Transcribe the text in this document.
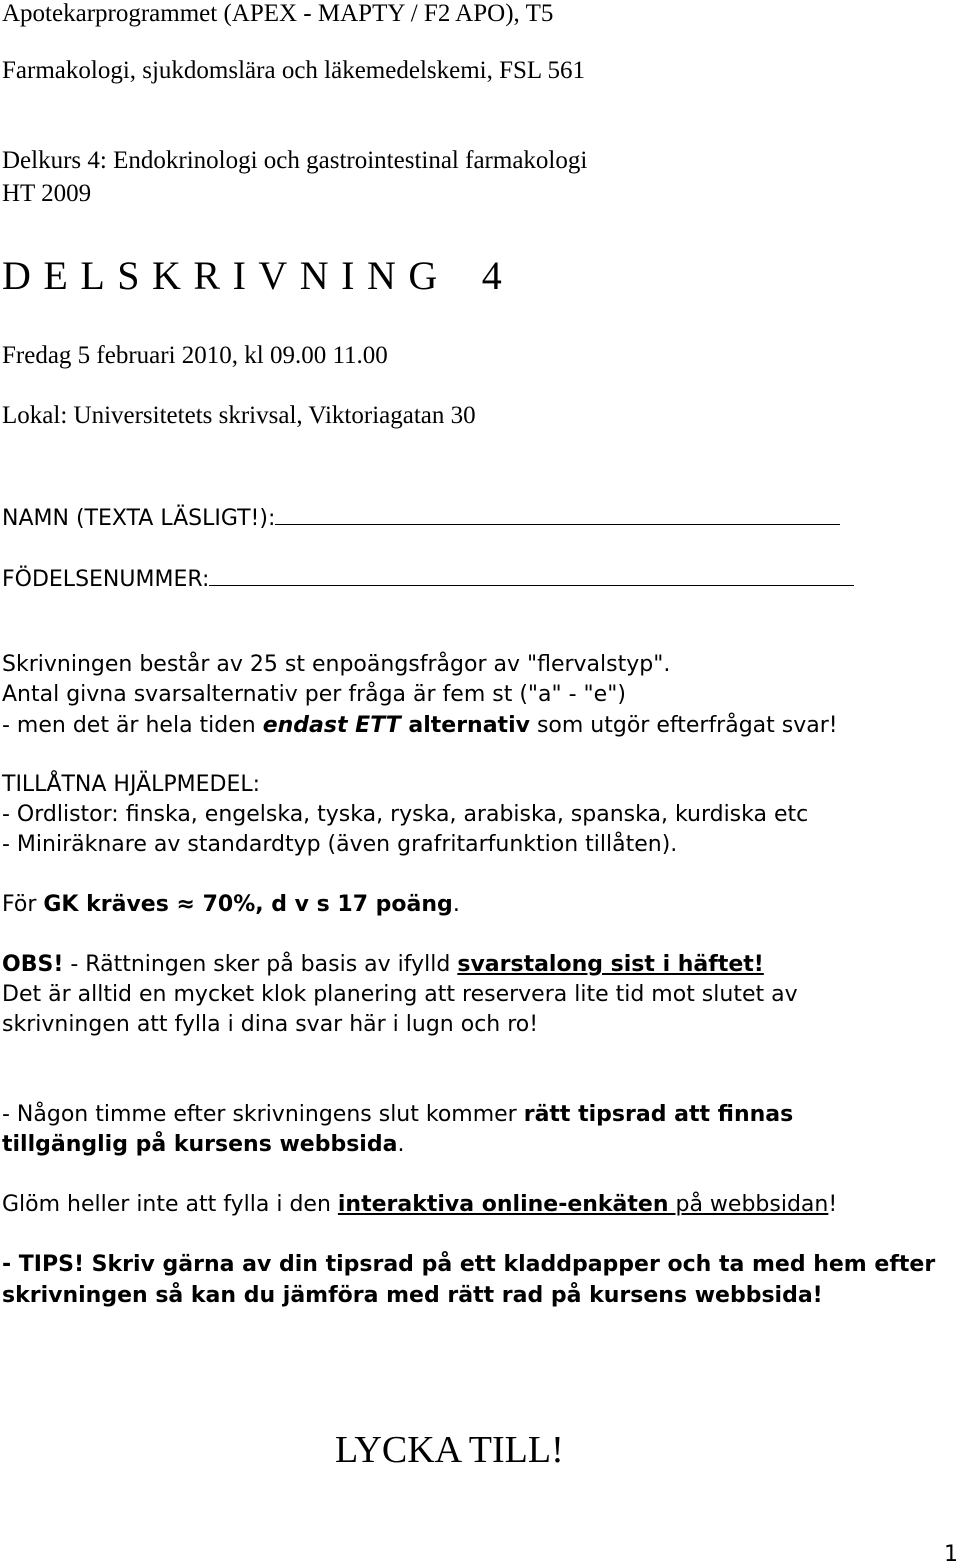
Apotekarprogrammet (APEX - MAPTY / F2 APO), T5
Farmakologi, sjukdomslära och läkemedelskemi, FSL 561
Delkurs 4: Endokrinologi och gastrointestinal farmakologi
HT 2009
DELSKRIVNING 4
Fredag 5 februari 2010, kl 09.00 11.00
Lokal: Universitetets skrivsal, Viktoriagatan 30
NAMN (TEXTA LÄSLIGT!):
FÖDELSENUMMER:
Skrivningen består av 25 st enpoängsfrågor av "flervalstyp".
Antal givna svarsalternativ per fråga är fem st ("a" - "e")
- men det är hela tiden endast ETT alternativ som utgör efterfrågat svar!
TILLÅTNA HJÄLPMEDEL:
- Ordlistor: finska, engelska, tyska, ryska, arabiska, spanska, kurdiska etc
- Miniräknare av standardtyp (även grafritarfunktion tillåten).
För GK kräves ≈ 70%, d v s 17 poäng.
OBS! - Rättningen sker på basis av ifylld svarstalong sist i häftet!
Det är alltid en mycket klok planering att reservera lite tid mot slutet av
skrivningen att fylla i dina svar här i lugn och ro!
- Någon timme efter skrivningens slut kommer rätt tipsrad att finnas
tillgänglig på kursens webbsida.
Glöm heller inte att fylla i den interaktiva online-enkäten på webbsidan!
- TIPS! Skriv gärna av din tipsrad på ett kladdpapper och ta med hem efter
skrivningen så kan du jämföra med rätt rad på kursens webbsida!
LYCKA TILL!
1
